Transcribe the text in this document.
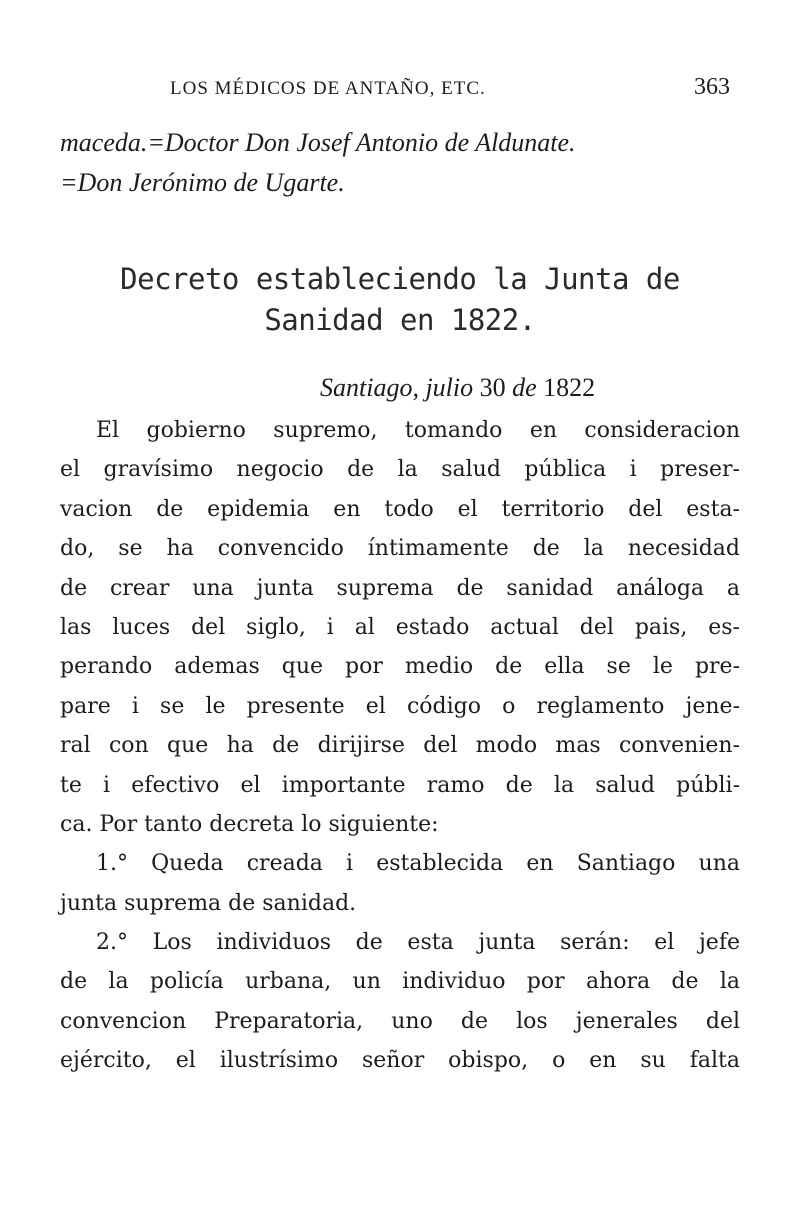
LOS MÉDICOS DE ANTAÑO, ETC.	363
maceda.=Doctor Don Josef Antonio de Aldunate.
=Don Jerónimo de Ugarte.
Decreto estableciendo la Junta de
Sanidad en 1822.
Santiago, julio 30 de 1822
El gobierno supremo, tomando en consideracion
el gravísimo negocio de la salud pública i preser-
vacion de epidemia en todo el territorio del esta-
do, se ha convencido íntimamente de la necesidad
de crear una junta suprema de sanidad análoga a
las luces del siglo, i al estado actual del pais, es-
perando ademas que por medio de ella se le pre-
pare i se le presente el código o reglamento jene-
ral con que ha de dirijirse del modo mas convenien-
te i efectivo el importante ramo de la salud públi-
ca. Por tanto decreta lo siguiente:
1.° Queda creada i establecida en Santiago una
junta suprema de sanidad.
2.° Los individuos de esta junta serán: el jefe
de la policía urbana, un individuo por ahora de la
convencion Preparatoria, uno de los jenerales del
ejército, el ilustrísimo señor obispo, o en su falta
